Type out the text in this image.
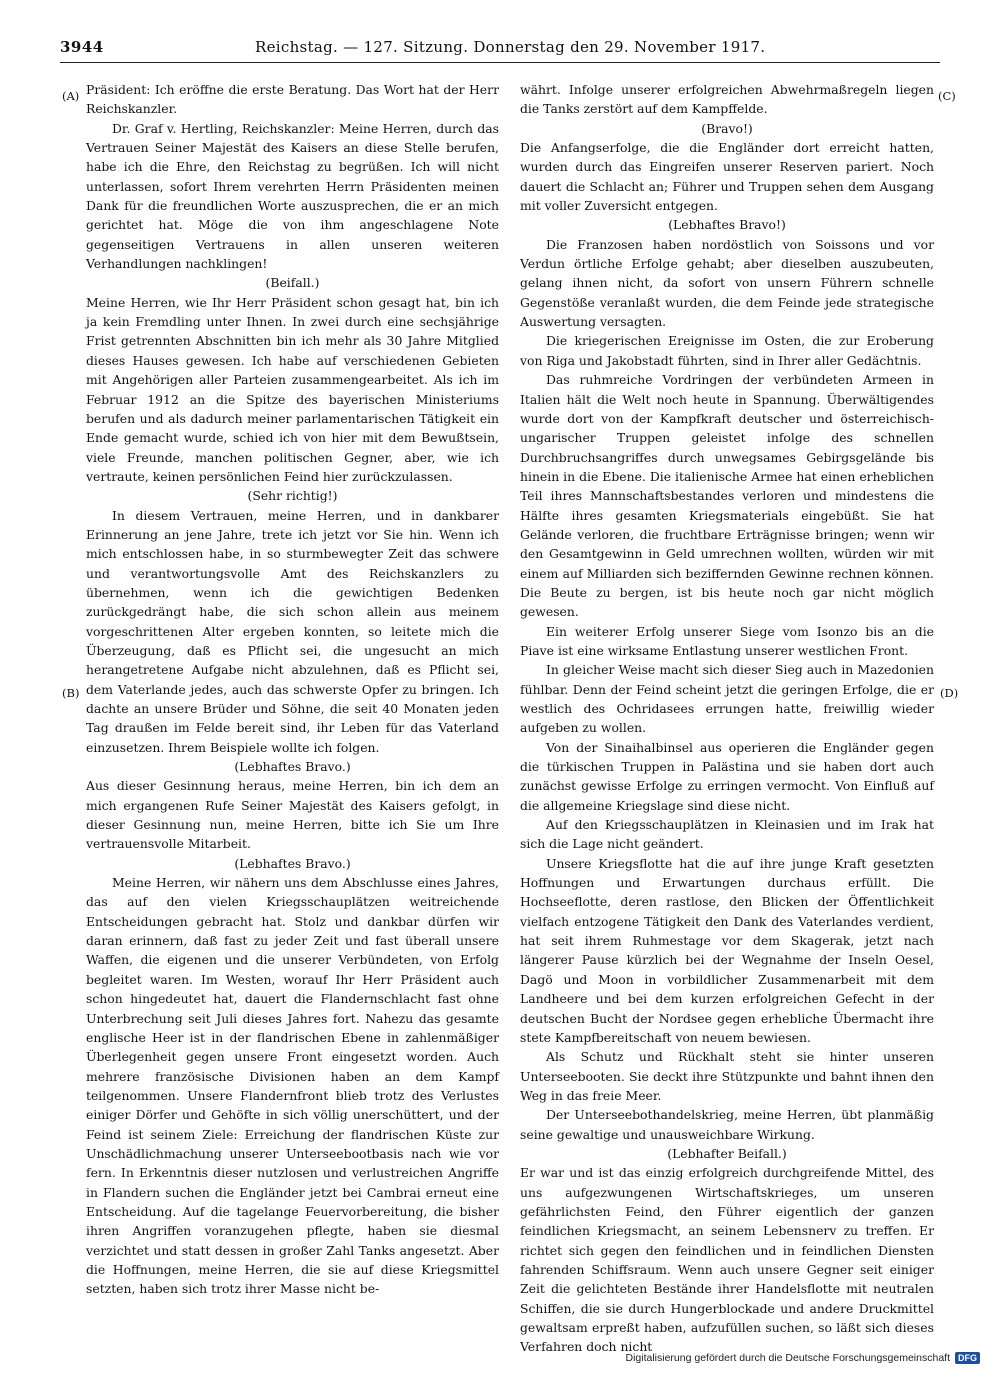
3944	Reichstag. — 127. Sitzung. Donnerstag den 29. November 1917.
(A)
(B)
(C)
(D)

Präsident: Ich eröffne die erste Beratung. Das Wort hat der Herr Reichskanzler.

Dr. Graf v. Hertling, Reichskanzler: Meine Herren, durch das Vertrauen Seiner Majestät des Kaisers an diese Stelle berufen, habe ich die Ehre, den Reichstag zu begrüßen. Ich will nicht unterlassen, sofort Ihrem verehrten Herrn Präsidenten meinen Dank für die freundlichen Worte auszusprechen, die er an mich gerichtet hat. Möge die von ihm angeschlagene Note gegenseitigen Vertrauens in allen unseren weiteren Verhandlungen nachklingen!

(Beifall.)

Meine Herren, wie Ihr Herr Präsident schon gesagt hat, bin ich ja kein Fremdling unter Ihnen. In zwei durch eine sechsjährige Frist getrennten Abschnitten bin ich mehr als 30 Jahre Mitglied dieses Hauses gewesen. Ich habe auf verschiedenen Gebieten mit Angehörigen aller Parteien zusammengearbeitet. Als ich im Februar 1912 an die Spitze des bayerischen Ministeriums berufen und als dadurch meiner parlamentarischen Tätigkeit ein Ende gemacht wurde, schied ich von hier mit dem Bewußtsein, viele Freunde, manchen politischen Gegner, aber, wie ich vertraute, keinen persönlichen Feind hier zurückzulassen.

(Sehr richtig!)

In diesem Vertrauen, meine Herren, und in dankbarer Erinnerung an jene Jahre, trete ich jetzt vor Sie hin. Wenn ich mich entschlossen habe, in so sturmbewegter Zeit das schwere und verantwortungsvolle Amt des Reichskanzlers zu übernehmen, wenn ich die gewichtigen Bedenken zurückgedrängt habe, die sich schon allein aus meinem vorgeschrittenen Alter ergeben konnten, so leitete mich die Überzeugung, daß es Pflicht sei, die ungesucht an mich herangetretene Aufgabe nicht abzulehnen, daß es Pflicht sei, dem Vaterlande jedes, auch das schwerste Opfer zu bringen. Ich dachte an unsere Brüder und Söhne, die seit 40 Monaten jeden Tag draußen im Felde bereit sind, ihr Leben für das Vaterland einzusetzen. Ihrem Beispiele wollte ich folgen.

(Lebhaftes Bravo.)

Aus dieser Gesinnung heraus, meine Herren, bin ich dem an mich ergangenen Rufe Seiner Majestät des Kaisers gefolgt, in dieser Gesinnung nun, meine Herren, bitte ich Sie um Ihre vertrauensvolle Mitarbeit.

(Lebhaftes Bravo.)

Meine Herren, wir nähern uns dem Abschlusse eines Jahres, das auf den vielen Kriegsschauplätzen weitreichende Entscheidungen gebracht hat. Stolz und dankbar dürfen wir daran erinnern, daß fast zu jeder Zeit und fast überall unsere Waffen, die eigenen und die unserer Verbündeten, von Erfolg begleitet waren. Im Westen, worauf Ihr Herr Präsident auch schon hingedeutet hat, dauert die Flandernschlacht fast ohne Unterbrechung seit Juli dieses Jahres fort. Nahezu das gesamte englische Heer ist in der flandrischen Ebene in zahlenmäßiger Überlegenheit gegen unsere Front eingesetzt worden. Auch mehrere französische Divisionen haben an dem Kampf teilgenommen. Unsere Flandernfront blieb trotz des Verlustes einiger Dörfer und Gehöfte in sich völlig unerschüttert, und der Feind ist seinem Ziele: Erreichung der flandrischen Küste zur Unschädlichmachung unserer Unterseebootbasis nach wie vor fern. In Erkenntnis dieser nutzlosen und verlustreichen Angriffe in Flandern suchen die Engländer jetzt bei Cambrai erneut eine Entscheidung. Auf die tagelange Feuervorbereitung, die bisher ihren Angriffen voranzugehen pflegte, haben sie diesmal verzichtet und statt dessen in großer Zahl Tanks angesetzt. Aber die Hoffnungen, meine Herren, die sie auf diese Kriegsmittel setzten, haben sich trotz ihrer Masse nicht be-

währt. Infolge unserer erfolgreichen Abwehrmaßregeln liegen die Tanks zerstört auf dem Kampffelde.

(Bravo!)

Die Anfangserfolge, die die Engländer dort erreicht hatten, wurden durch das Eingreifen unserer Reserven pariert. Noch dauert die Schlacht an; Führer und Truppen sehen dem Ausgang mit voller Zuversicht entgegen.

(Lebhaftes Bravo!)

Die Franzosen haben nordöstlich von Soissons und vor Verdun örtliche Erfolge gehabt; aber dieselben auszubeuten, gelang ihnen nicht, da sofort von unsern Führern schnelle Gegenstöße veranlaßt wurden, die dem Feinde jede strategische Auswertung versagten.

Die kriegerischen Ereignisse im Osten, die zur Eroberung von Riga und Jakobstadt führten, sind in Ihrer aller Gedächtnis.

Das ruhmreiche Vordringen der verbündeten Armeen in Italien hält die Welt noch heute in Spannung. Überwältigendes wurde dort von der Kampfkraft deutscher und österreichisch-ungarischer Truppen geleistet infolge des schnellen Durchbruchsangriffes durch unwegsames Gebirgsgelände bis hinein in die Ebene. Die italienische Armee hat einen erheblichen Teil ihres Mannschaftsbestandes verloren und mindestens die Hälfte ihres gesamten Kriegsmaterials eingebüßt. Sie hat Gelände verloren, die fruchtbare Erträgnisse bringen; wenn wir den Gesamtgewinn in Geld umrechnen wollten, würden wir mit einem auf Milliarden sich beziffernden Gewinne rechnen können. Die Beute zu bergen, ist bis heute noch gar nicht möglich gewesen.

Ein weiterer Erfolg unserer Siege vom Isonzo bis an die Piave ist eine wirksame Entlastung unserer westlichen Front.

In gleicher Weise macht sich dieser Sieg auch in Mazedonien fühlbar. Denn der Feind scheint jetzt die geringen Erfolge, die er westlich des Ochridasees errungen hatte, freiwillig wieder aufgeben zu wollen.

Von der Sinaihalbinsel aus operieren die Engländer gegen die türkischen Truppen in Palästina und sie haben dort auch zunächst gewisse Erfolge zu erringen vermocht. Von Einfluß auf die allgemeine Kriegslage sind diese nicht.

Auf den Kriegsschauplätzen in Kleinasien und im Irak hat sich die Lage nicht geändert.

Unsere Kriegsflotte hat die auf ihre junge Kraft gesetzten Hoffnungen und Erwartungen durchaus erfüllt. Die Hochseeflotte, deren rastlose, den Blicken der Öffentlichkeit vielfach entzogene Tätigkeit den Dank des Vaterlandes verdient, hat seit ihrem Ruhmestage vor dem Skagerak, jetzt nach längerer Pause kürzlich bei der Wegnahme der Inseln Oesel, Dagö und Moon in vorbildlicher Zusammenarbeit mit dem Landheere und bei dem kurzen erfolgreichen Gefecht in der deutschen Bucht der Nordsee gegen erhebliche Übermacht ihre stete Kampfbereitschaft von neuem bewiesen.

Als Schutz und Rückhalt steht sie hinter unseren Unterseebooten. Sie deckt ihre Stützpunkte und bahnt ihnen den Weg in das freie Meer.

Der Unterseebothandelskrieg, meine Herren, übt planmäßig seine gewaltige und unausweichbare Wirkung.

(Lebhafter Beifall.)

Er war und ist das einzig erfolgreich durchgreifende Mittel, des uns aufgezwungenen Wirtschaftskrieges, um unseren gefährlichsten Feind, den Führer eigentlich der ganzen feindlichen Kriegsmacht, an seinem Lebensnerv zu treffen. Er richtet sich gegen den feindlichen und in feindlichen Diensten fahrenden Schiffsraum. Wenn auch unsere Gegner seit einiger Zeit die gelichteten Bestände ihrer Handelsflotte mit neutralen Schiffen, die sie durch Hungerblockade und andere Druckmittel gewaltsam erpreßt haben, aufzufüllen suchen, so läßt sich dieses Verfahren doch nicht

Digitalisierung gefördert durch die Deutsche Forschungsgemeinschaft DFG
